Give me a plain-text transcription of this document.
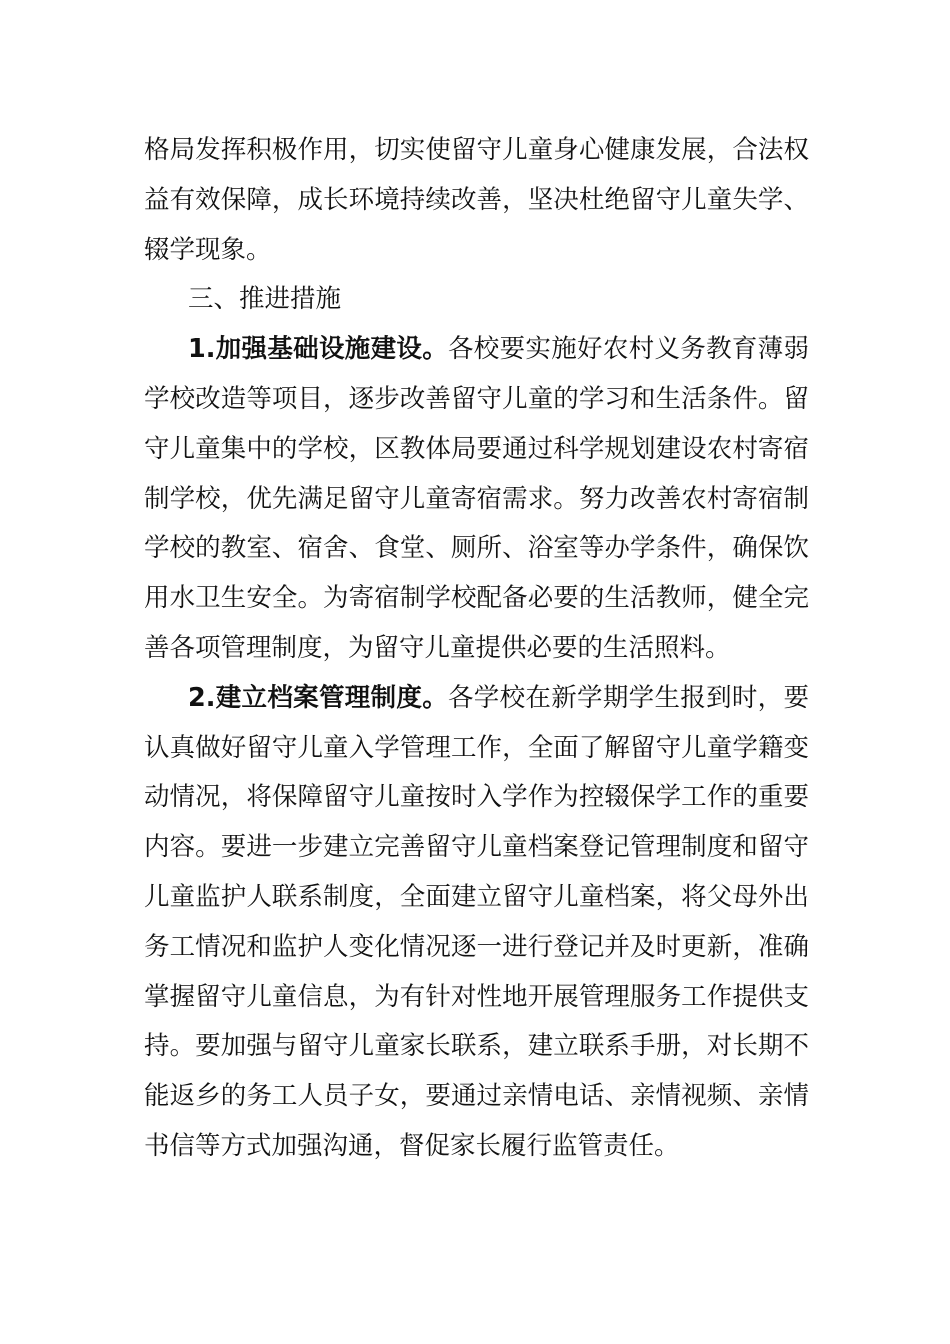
格局发挥积极作用，切实使留守儿童身心健康发展，合法权益有效保障，成长环境持续改善，坚决杜绝留守儿童失学、辍学现象。

三、推进措施

1.加强基础设施建设。各校要实施好农村义务教育薄弱学校改造等项目，逐步改善留守儿童的学习和生活条件。留守儿童集中的学校，区教体局要通过科学规划建设农村寄宿制学校，优先满足留守儿童寄宿需求。努力改善农村寄宿制学校的教室、宿舍、食堂、厕所、浴室等办学条件，确保饮用水卫生安全。为寄宿制学校配备必要的生活教师，健全完善各项管理制度，为留守儿童提供必要的生活照料。

2.建立档案管理制度。各学校在新学期学生报到时，要认真做好留守儿童入学管理工作，全面了解留守儿童学籍变动情况，将保障留守儿童按时入学作为控辍保学工作的重要内容。要进一步建立完善留守儿童档案登记管理制度和留守儿童监护人联系制度，全面建立留守儿童档案，将父母外出务工情况和监护人变化情况逐一进行登记并及时更新，准确掌握留守儿童信息，为有针对性地开展管理服务工作提供支持。要加强与留守儿童家长联系，建立联系手册，对长期不能返乡的务工人员子女，要通过亲情电话、亲情视频、亲情书信等方式加强沟通，督促家长履行监管责任。
